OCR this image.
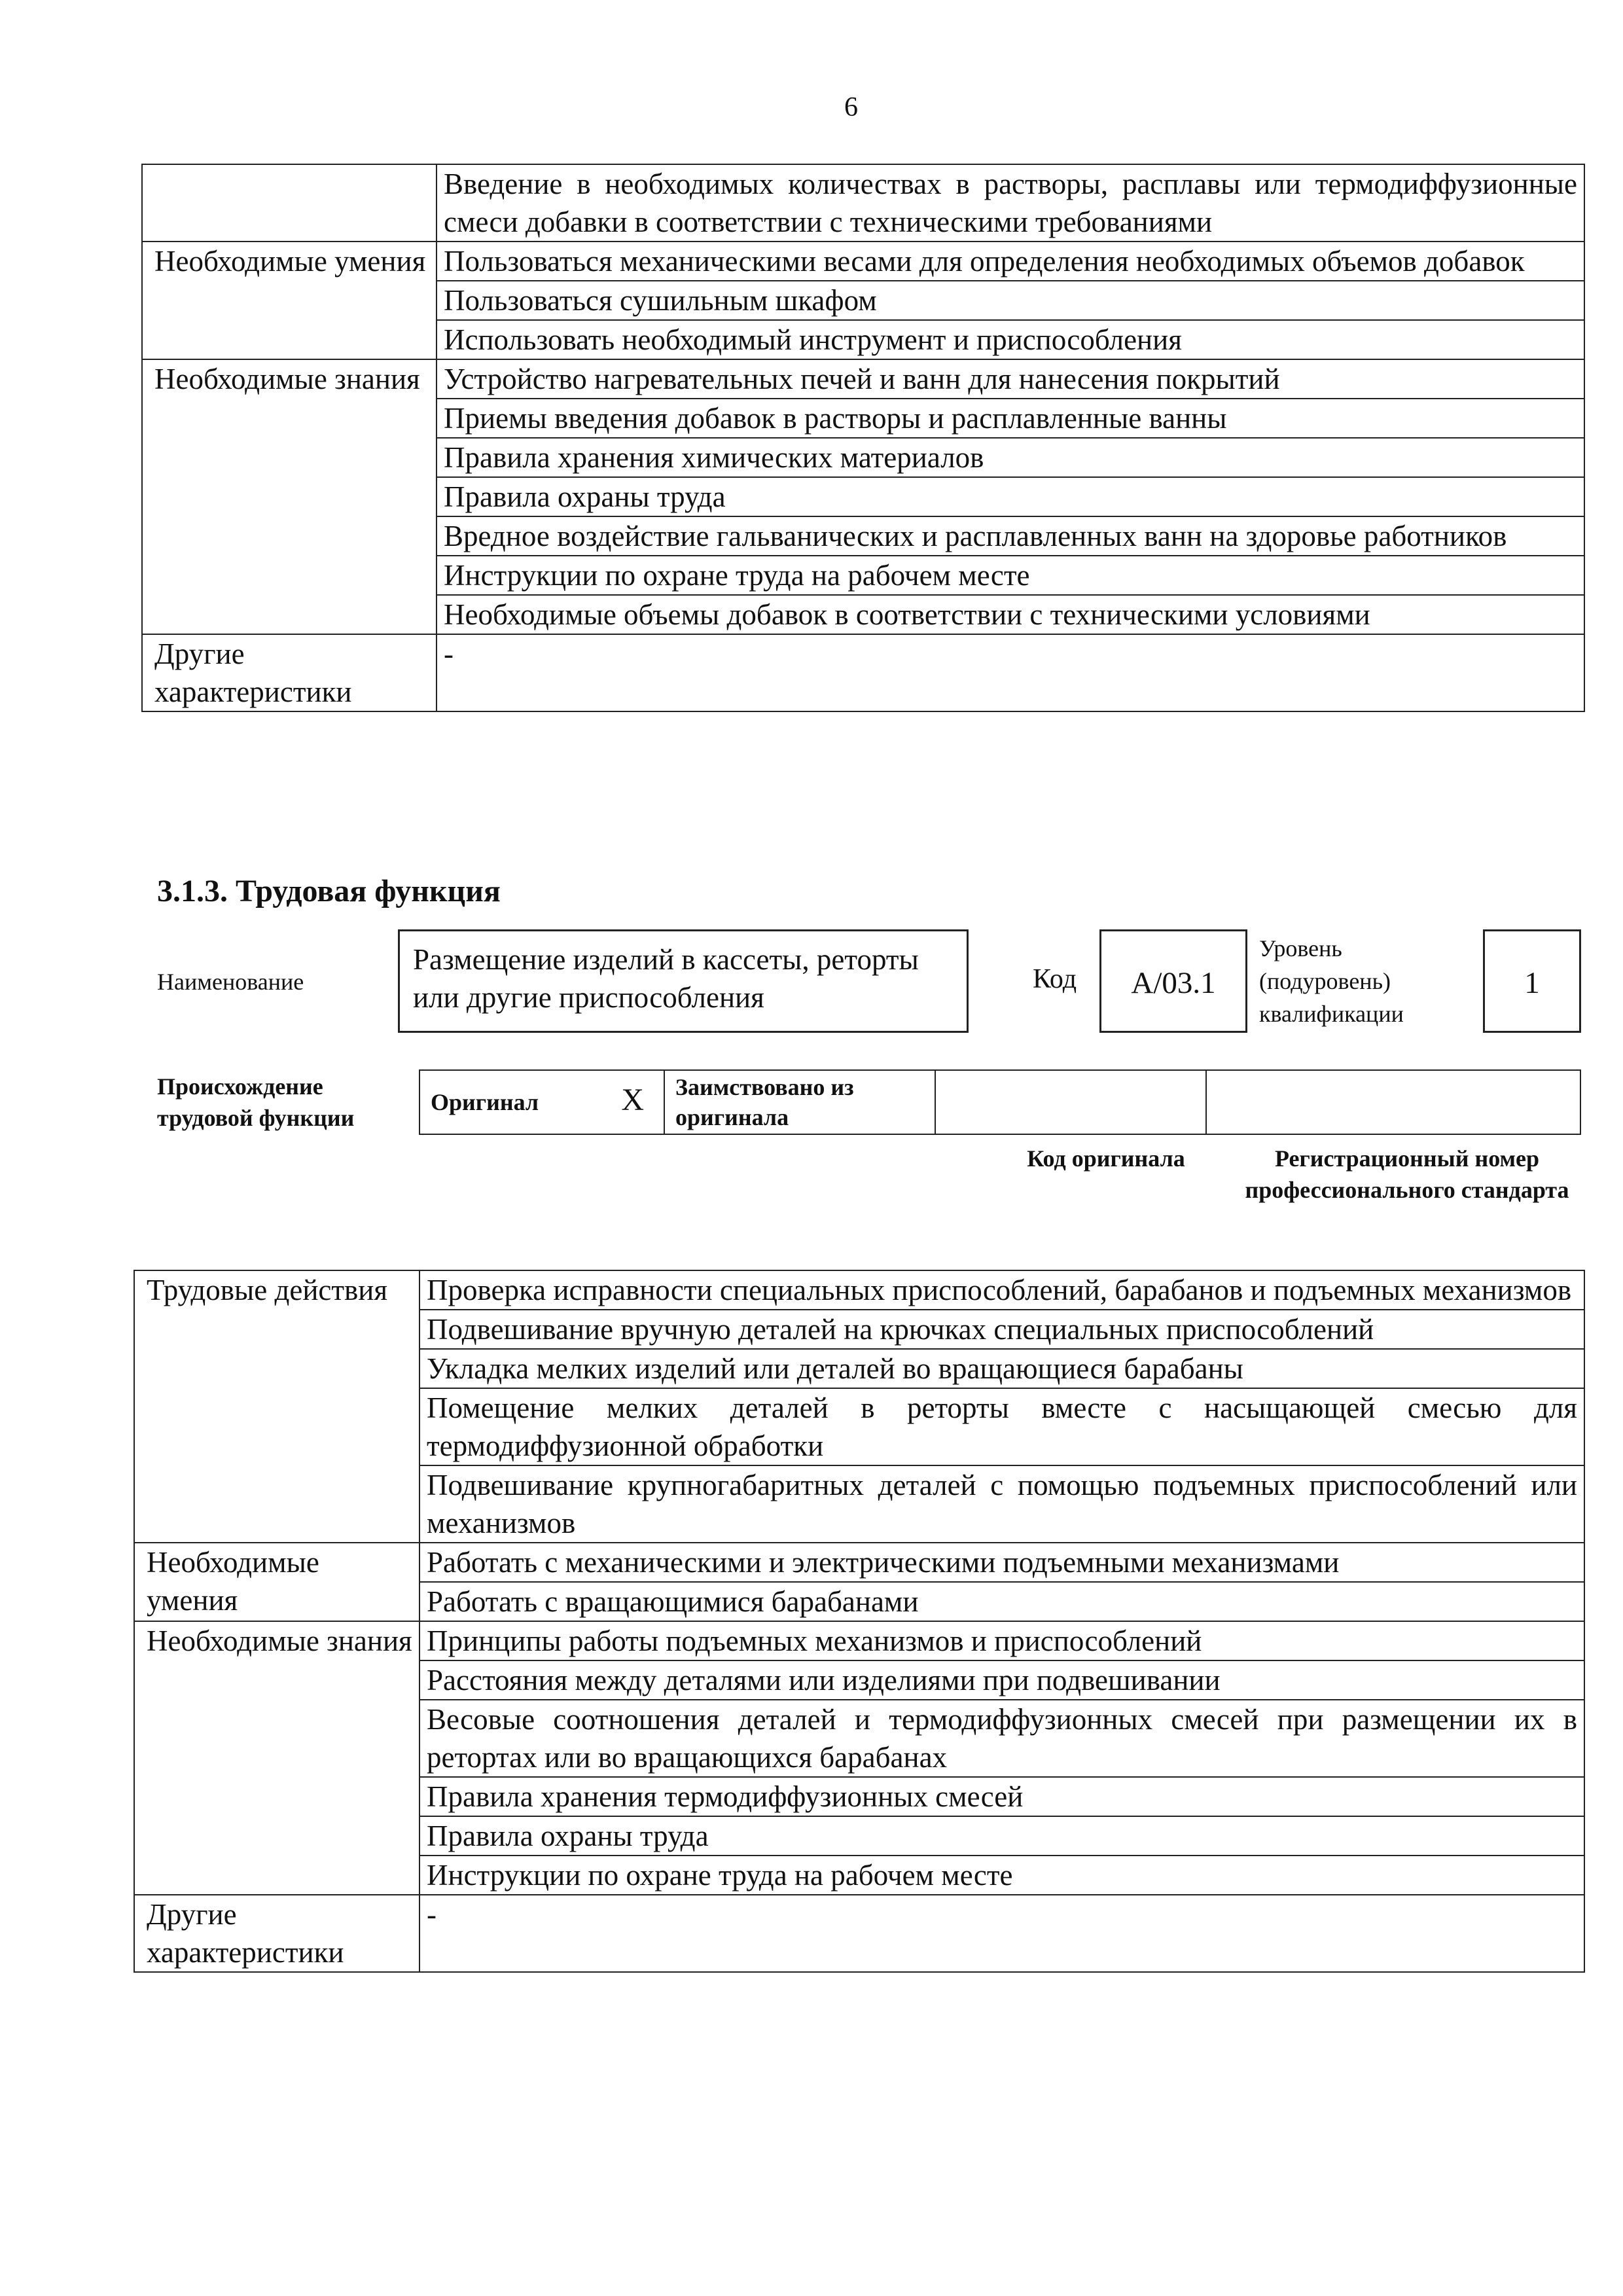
6
	Введение в необходимых количествах в растворы, расплавы или термодиффузионные смеси добавки в соответствии с техническими требованиями
Необходимые умения	Пользоваться механическими весами для определения необходимых объемов добавок
	Пользоваться сушильным шкафом
	Использовать необходимый инструмент и приспособления
Необходимые знания	Устройство нагревательных печей и ванн для нанесения покрытий
	Приемы введения добавок в растворы и расплавленные ванны
	Правила хранения химических материалов
	Правила охраны труда
	Вредное воздействие гальванических и расплавленных ванн на здоровье работников
	Инструкции по охране труда на рабочем месте
	Необходимые объемы добавок в соответствии с техническими условиями
Другие характеристики	-
3.1.3. Трудовая функция
Наименование
Размещение изделий в кассеты, реторты или другие приспособления
Код	A/03.1
Уровень (подуровень) квалификации
1
Происхождение трудовой функции
Оригинал	X	Заимствовано из оригинала		
Код оригинала	Регистрационный номер профессионального стандарта
Трудовые действия	Проверка исправности специальных приспособлений, барабанов и подъемных механизмов
	Подвешивание вручную деталей на крючках специальных приспособлений
	Укладка мелких изделий или деталей во вращающиеся барабаны
	Помещение мелких деталей в реторты вместе с насыщающей смесью для термодиффузионной обработки
	Подвешивание крупногабаритных деталей с помощью подъемных приспособлений или механизмов
Необходимые умения	Работать с механическими и электрическими подъемными механизмами
	Работать с вращающимися барабанами
Необходимые знания	Принципы работы подъемных механизмов и приспособлений
	Расстояния между деталями или изделиями при подвешивании
	Весовые соотношения деталей и термодиффузионных смесей при размещении их в ретортах или во вращающихся барабанах
	Правила хранения термодиффузионных смесей
	Правила охраны труда
	Инструкции по охране труда на рабочем месте
Другие характеристики	-
